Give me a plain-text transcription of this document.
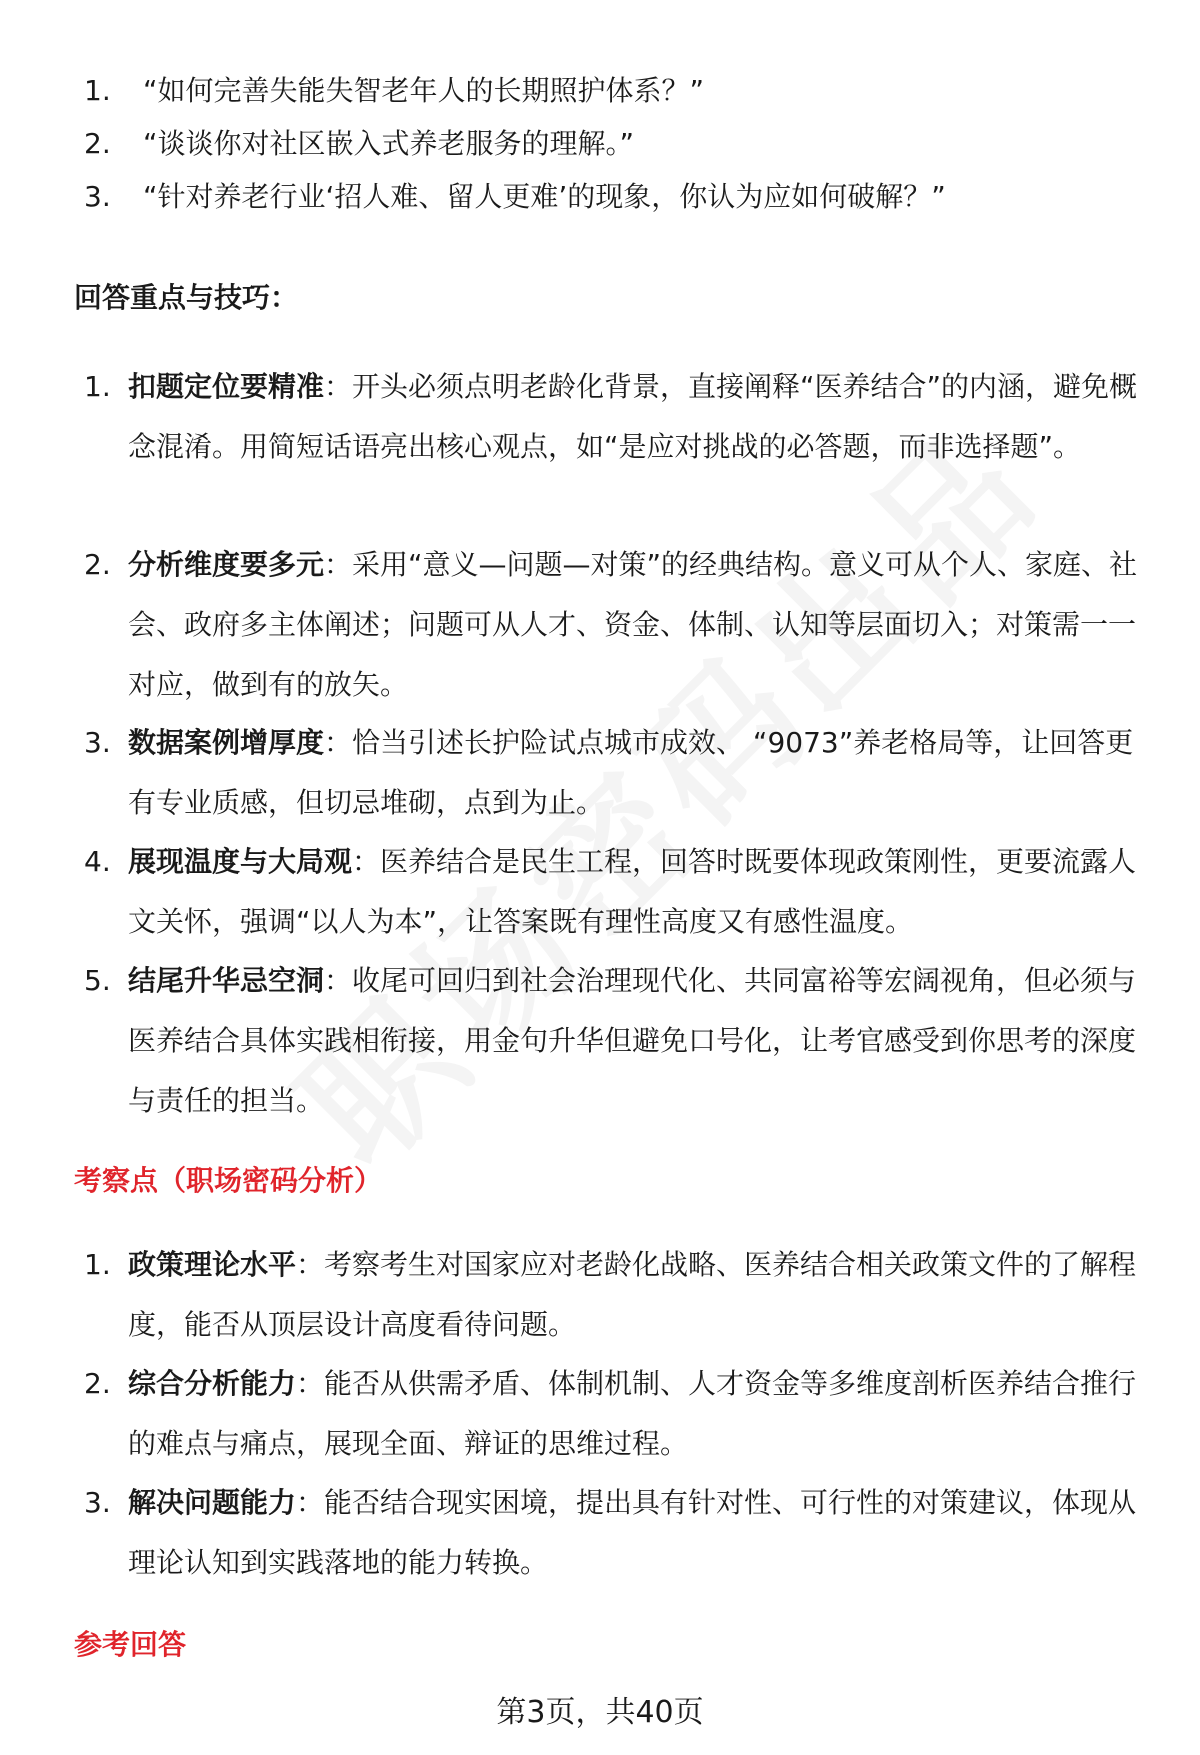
1.	“如何完善失能失智老年人的长期照护体系？”
2.	“谈谈你对社区嵌入式养老服务的理解。”
3.	“针对养老行业‘招人难、留人更难’的现象，你认为应如何破解？”
回答重点与技巧：
1. 扣题定位要精准：开头必须点明老龄化背景，直接阐释“医养结合”的内涵，避免概念混淆。用简短话语亮出核心观点，如“是应对挑战的必答题，而非选择题”。
2. 分析维度要多元：采用“意义—问题—对策”的经典结构。意义可从个人、家庭、社会、政府多主体阐述；问题可从人才、资金、体制、认知等层面切入；对策需一一对应，做到有的放矢。
3. 数据案例增厚度：恰当引述长护险试点城市成效、 “9073”养老格局等，让回答更有专业质感，但切忌堆砌，点到为止。
4. 展现温度与大局观：医养结合是民生工程，回答时既要体现政策刚性，更要流露人文关怀，强调“以人为本”，让答案既有理性高度又有感性温度。
5. 结尾升华忌空洞：收尾可回归到社会治理现代化、共同富裕等宏阔视角，但必须与医养结合具体实践相衔接，用金句升华但避免口号化，让考官感受到你思考的深度与责任的担当。
考察点（职场密码分析）
1. 政策理论水平：考察考生对国家应对老龄化战略、医养结合相关政策文件的了解程度，能否从顶层设计高度看待问题。
2. 综合分析能力：能否从供需矛盾、体制机制、人才资金等多维度剖析医养结合推行的难点与痛点，展现全面、辩证的思维过程。
3. 解决问题能力：能否结合现实困境，提出具有针对性、可行性的对策建议，体现从理论认知到实践落地的能力转换。
参考回答
第3页，共40页
